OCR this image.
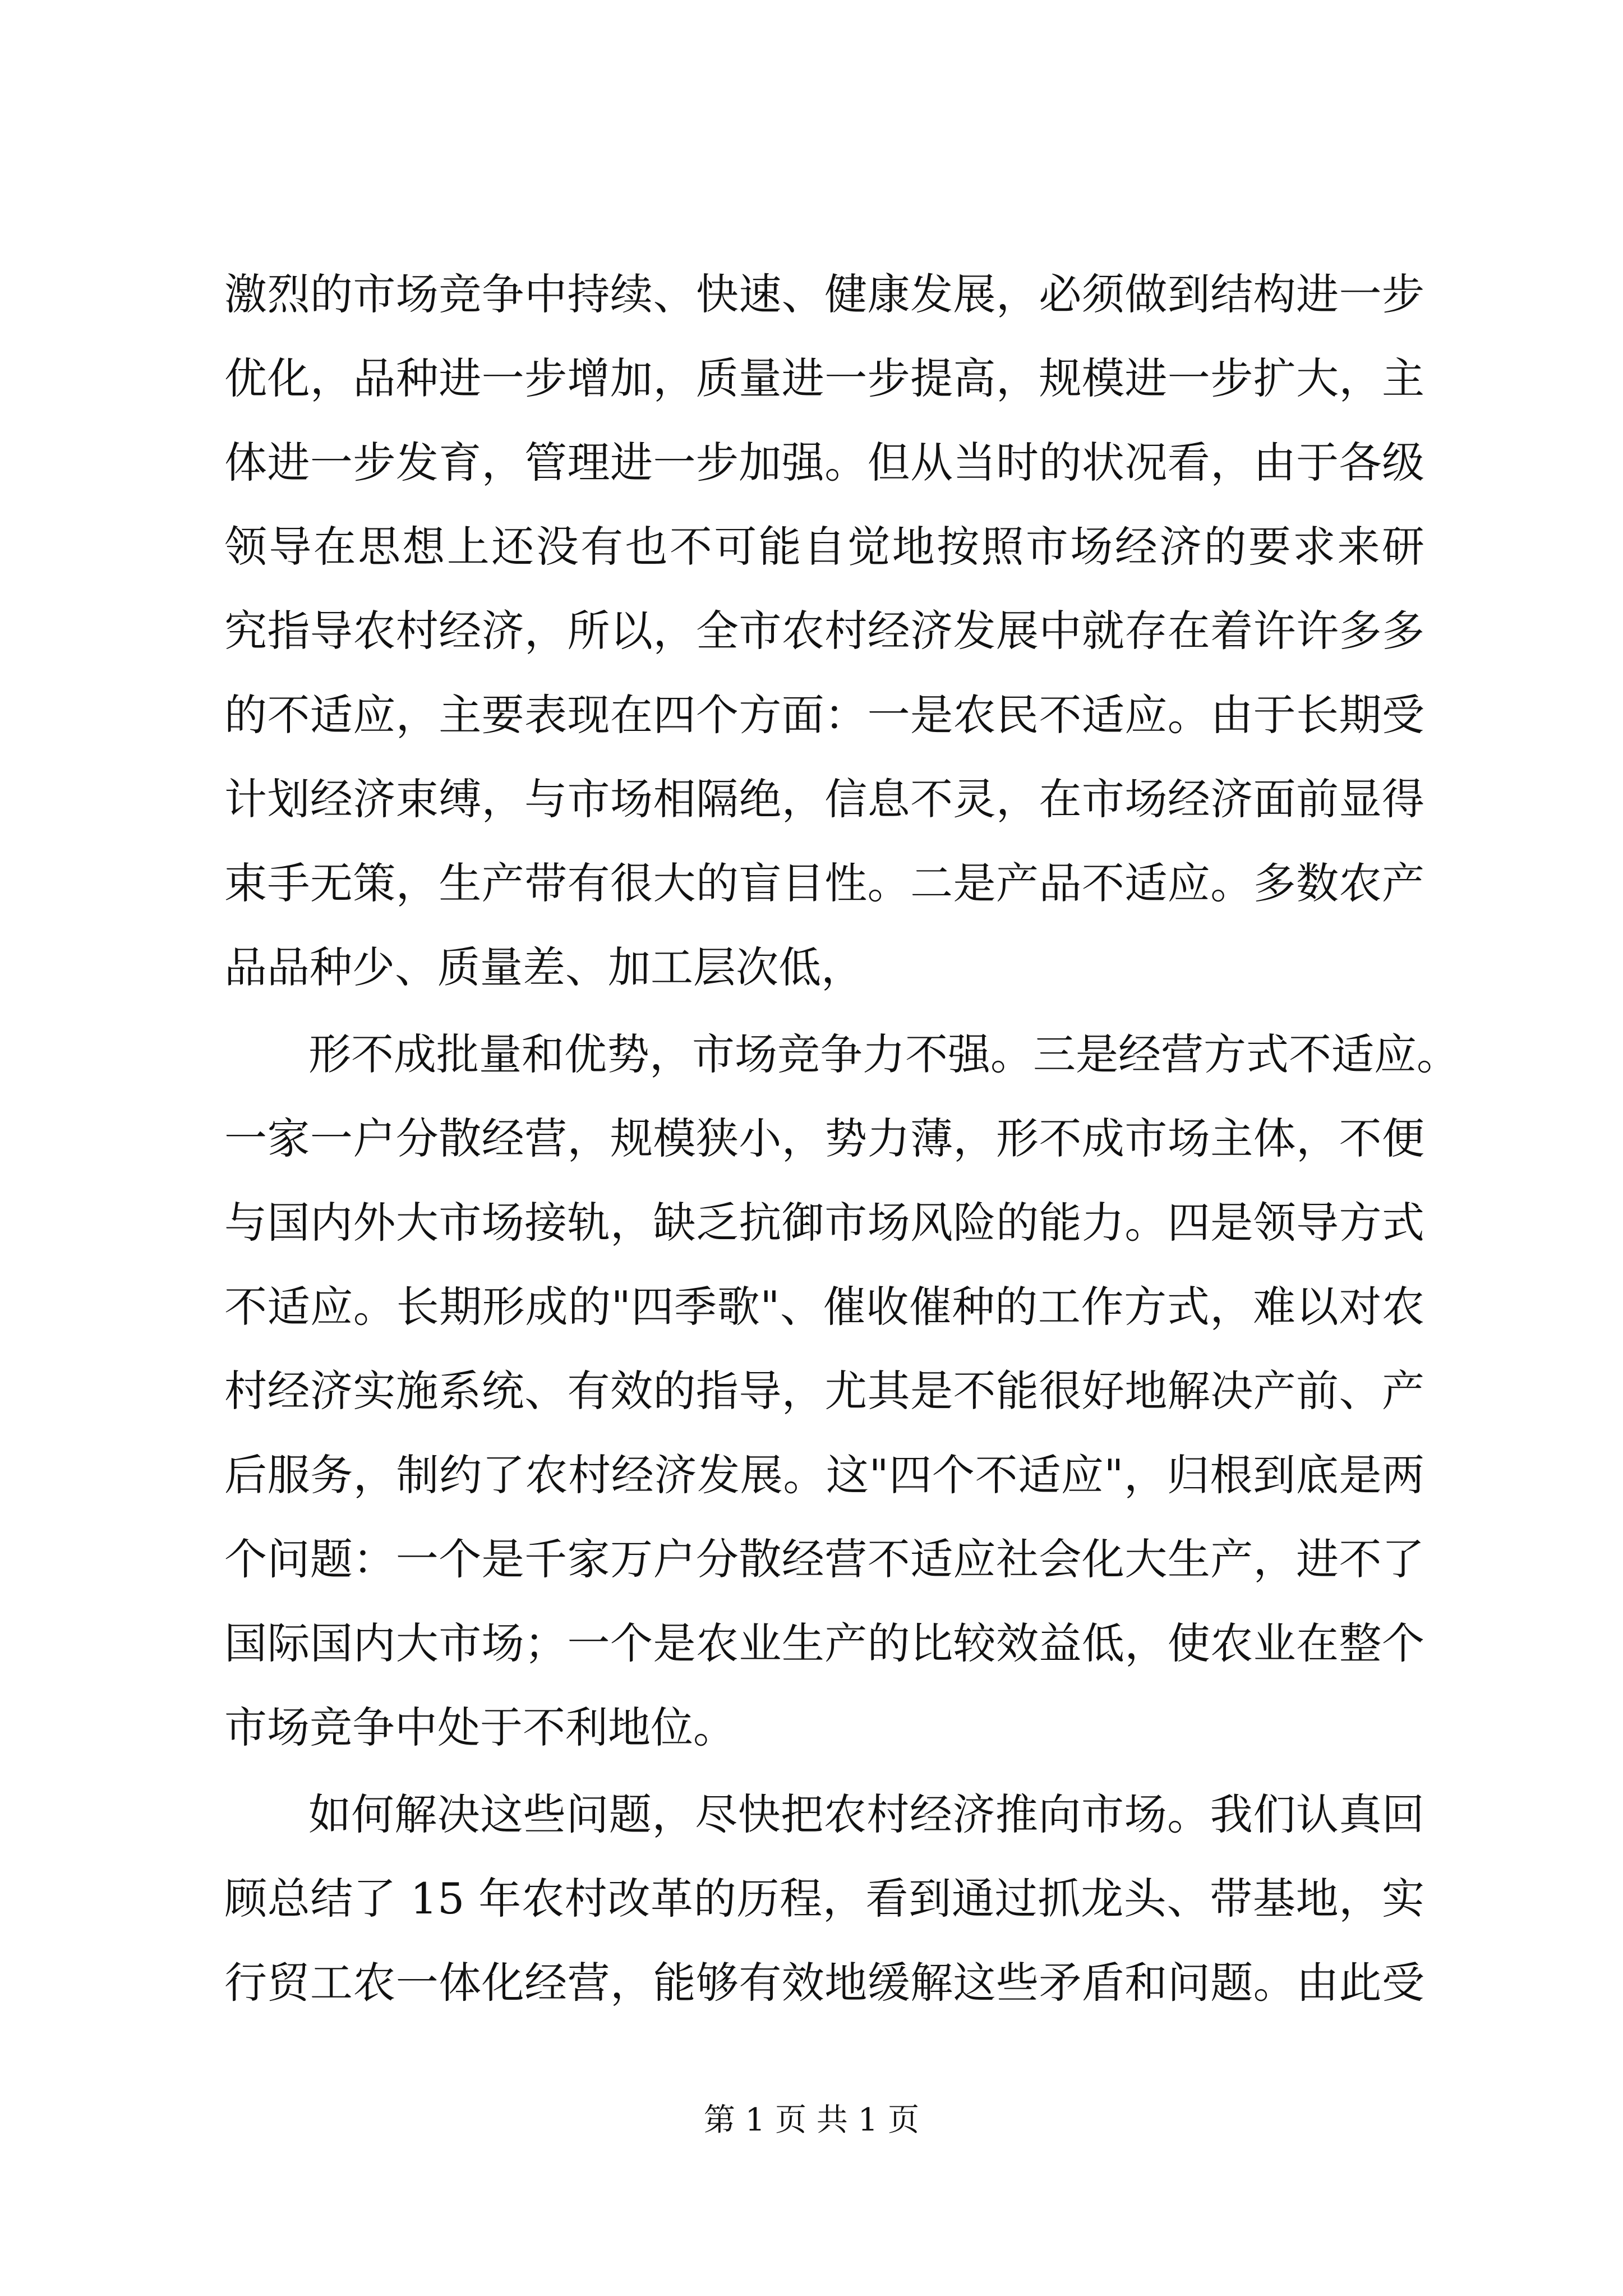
激烈的市场竞争中持续、快速、健康发展，必须做到结构进一步
优化，品种进一步增加，质量进一步提高，规模进一步扩大，主
体进一步发育，管理进一步加强。但从当时的状况看，由于各级
领导在思想上还没有也不可能自觉地按照市场经济的要求来研
究指导农村经济，所以，全市农村经济发展中就存在着许许多多
的不适应，主要表现在四个方面：一是农民不适应。由于长期受
计划经济束缚，与市场相隔绝，信息不灵，在市场经济面前显得
束手无策，生产带有很大的盲目性。二是产品不适应。多数农产
品品种少、质量差、加工层次低，
形不成批量和优势，市场竞争力不强。三是经营方式不适应。
一家一户分散经营，规模狭小，势力薄，形不成市场主体，不便
与国内外大市场接轨，缺乏抗御市场风险的能力。四是领导方式
不适应。长期形成的"四季歌"、催收催种的工作方式，难以对农
村经济实施系统、有效的指导，尤其是不能很好地解决产前、产
后服务，制约了农村经济发展。这"四个不适应"，归根到底是两
个问题：一个是千家万户分散经营不适应社会化大生产，进不了
国际国内大市场；一个是农业生产的比较效益低，使农业在整个
市场竞争中处于不利地位。
如何解决这些问题，尽快把农村经济推向市场。我们认真回
顾总结了 15 年农村改革的历程，看到通过抓龙头、带基地，实
行贸工农一体化经营，能够有效地缓解这些矛盾和问题。由此受
第 1 页 共 1 页
